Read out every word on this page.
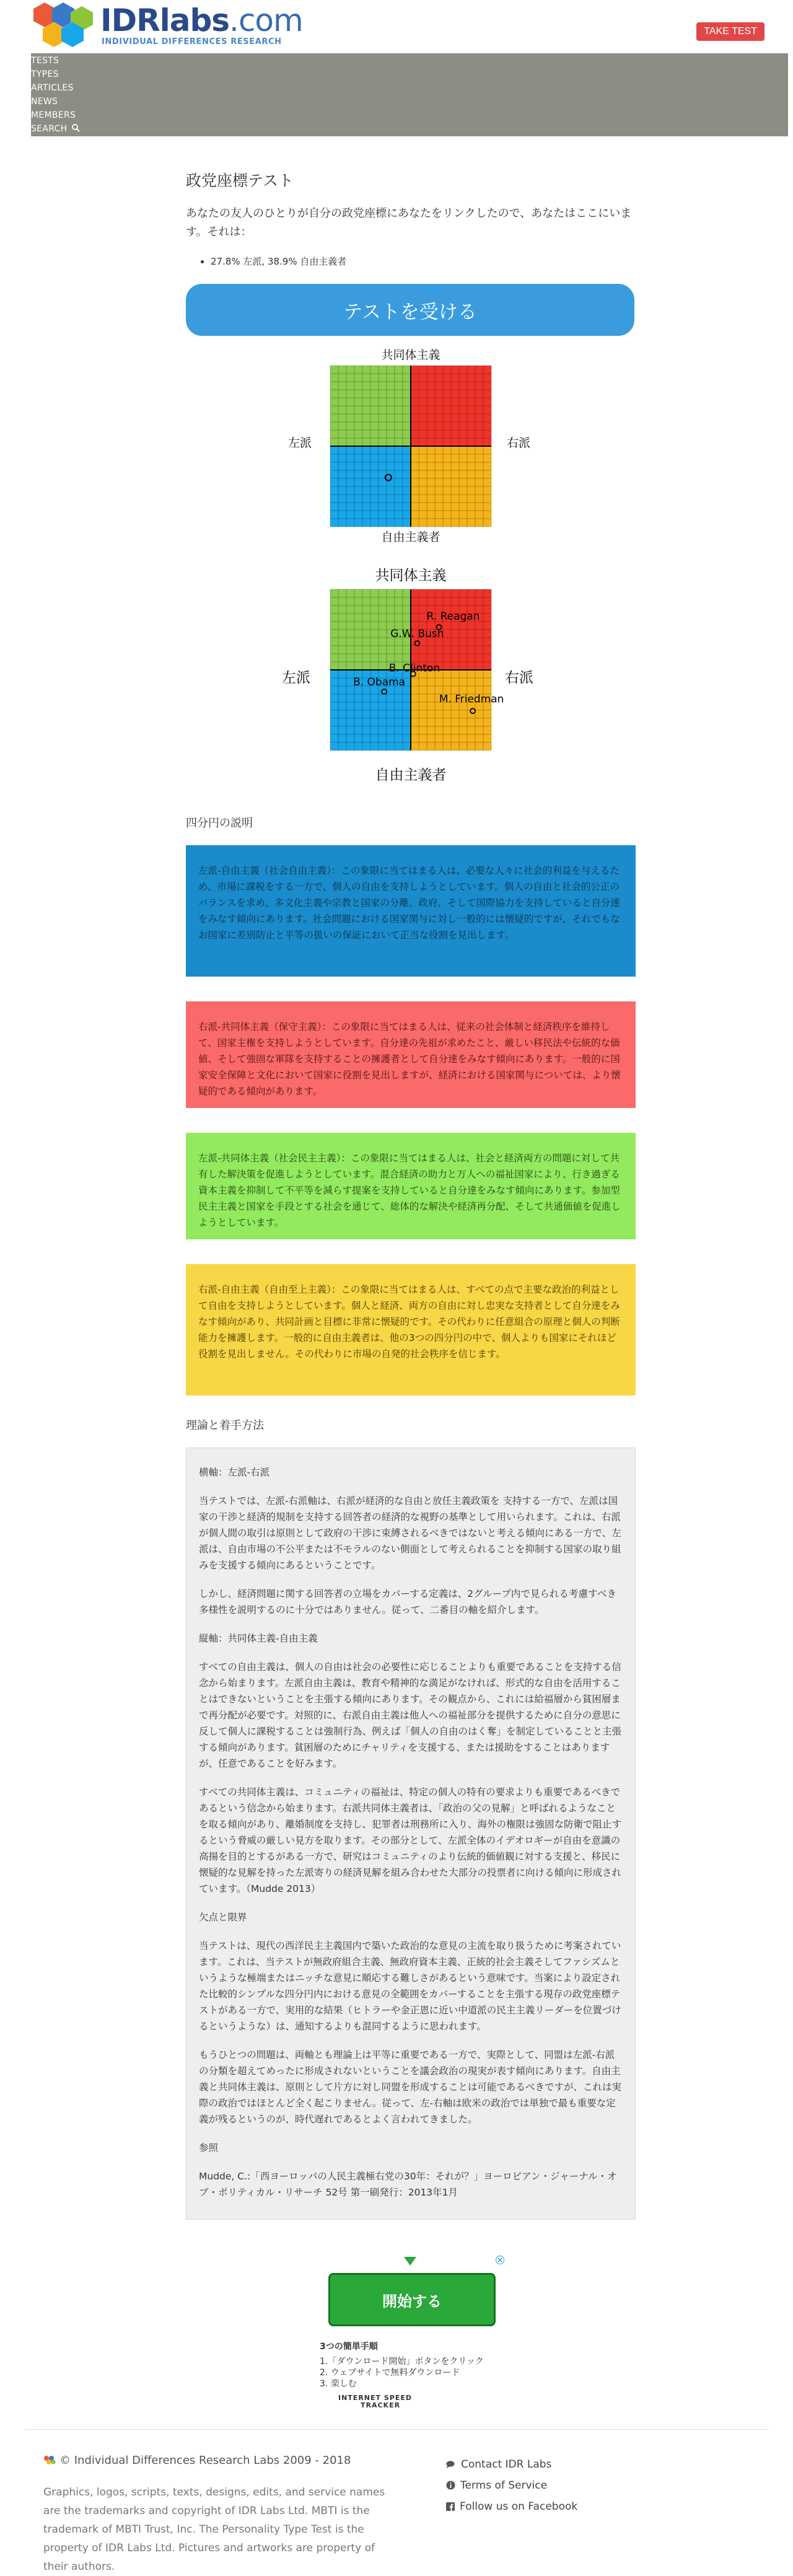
IDRlabs.com
INDIVIDUAL DIFFERENCES RESEARCH
TAKE TEST
TESTS
TYPES
ARTICLES
NEWS
MEMBERS
SEARCH
政党座標テスト

あなたの友人のひとりが自分の政党座標にあなたをリンクしたので、あなたはここにいます。それは：

• 27.8% 左派, 38.9% 自由主義者
テストを受ける
共同体主義
自由主義者
左派	右派
共同体主義
自由主義者
左派	右派
G.W. Bush
R. Reagan
B. Obama
B. Clinton
M. Friedman
四分円の説明
左派-自由主義（社会自由主義）：この象限に当てはまる人は、必要な人々に社会的利益を与えるため、市場に課税をする一方で、個人の自由を支持しようとしています。個人の自由と社会的公正のバランスを求め、多文化主義や宗教と国家の分離、政府、そして国際協力を支持していると自分達をみなす傾向にあります。社会問題における国家関与に対し一般的には懐疑的ですが、それでもなお国家に差別防止と平等の扱いの保証において正当な役割を見出します。
右派-共同体主義（保守主義）：この象限に当てはまる人は、従来の社会体制と経済秩序を維持して、国家主権を支持しようとしています。自分達の先祖が求めたこと、厳しい移民法や伝統的な価値、そして強固な軍隊を支持することの擁護者として自分達をみなす傾向にあります。一般的に国家安全保障と文化において国家に役割を見出しますが、経済における国家関与については、より懐疑的である傾向があります。
左派-共同体主義（社会民主主義）：この象限に当てはまる人は、社会と経済両方の問題に対して共有した解決策を促進しようとしています。混合経済の助力と万人への福祉国家により、行き過ぎる資本主義を抑制して不平等を減らす提案を支持していると自分達をみなす傾向にあります。参加型民主主義と国家を手段とする社会を通じて、総体的な解決や経済再分配、そして共通価値を促進しようとしています。
右派-自由主義（自由至上主義）：この象限に当てはまる人は、すべての点で主要な政治的利益として自由を支持しようとしています。個人と経済、両方の自由に対し忠実な支持者として自分達をみなす傾向があり、共同計画と目標に非常に懐疑的です。その代わりに任意組合の原理と個人の判断能力を擁護します。一般的に自由主義者は、他の3つの四分円の中で、個人よりも国家にそれほど役割を見出しません。その代わりに市場の自発的社会秩序を信じます。
理論と着手方法

横軸：左派-右派

当テストでは、左派-右派軸は、右派が経済的な自由と放任主義政策を 支持する一方で、左派は国家の干渉と経済的規制を支持する回答者の経済的な視野の基準として用いられます。これは、右派が個人間の取引は原則として政府の干渉に束縛されるべきではないと考える傾向にある一方で、左派は、自由市場の不公平または不モラルのない側面として考えられることを抑制する国家の取り組みを支援する傾向にあるということです。

しかし、経済問題に関する回答者の立場をカバーする定義は、2グループ内で見られる考慮すべき多様性を説明するのに十分ではありません。従って、二番目の軸を紹介します。

縦軸：共同体主義-自由主義

すべての自由主義は、個人の自由は社会の必要性に応じることよりも重要であることを支持する信念から始まります。左派自由主義は、教育や精神的な満足がなければ、形式的な自由を活用することはできないということを主張する傾向にあります。その観点から、これには給福層から貧困層まで再分配が必要です。対照的に、右派自由主義は他人への福祉部分を提供するために自分の意思に反して個人に課税することは強制行為、例えば「個人の自由のはく奪」を制定していることと主張する傾向があります。貧困層のためにチャリティを支援する、または援助をすることはありますが、任意であることを好みます。

すべての共同体主義は、コミュニティの福祉は、特定の個人の特有の要求よりも重要であるべきであるという信念から始まります。右派共同体主義者は、「政治の父の見解」と呼ばれるようなことを取る傾向があり、離婚制度を支持し、犯罪者は刑務所に入り、海外の権限は強固な防衛で阻止するという脅威の厳しい見方を取ります。その部分として、左派全体のイデオロギーが自由を意識の高揚を目的とするがある一方で、研究はコミュニティのより伝統的価値観に対する支援と、移民に懐疑的な見解を持った左派寄りの経済見解を組み合わせた大部分の投票者に向ける傾向に形成されています。（Mudde 2013）

欠点と限界

当テストは、現代の西洋民主主義国内で築いた政治的な意見の主流を取り扱うために考案されています。これは、当テストが無政府組合主義、無政府資本主義、正統的社会主義そしてファシズムというような極端またはニッチな意見に順応する難しさがあるという意味です。当案により設定された比較的シンプルな四分円内における意見の全範囲をカバーすることを主張する現存の政党座標テストがある一方で、実用的な結果（ヒトラーや金正恩に近い中道派の民主主義リーダーを位置づけるというような）は、通知するよりも混同するように思われます。

もうひとつの問題は、両軸とも理論上は平等に重要である一方で、実際として、同盟は左派-右派の分類を超えてめったに形成されないということを議会政治の現実が表す傾向にあります。自由主義と共同体主義は、原則として片方に対し同盟を形成することは可能であるべきですが、これは実際の政治ではほとんど全く起こりません。従って、左-右軸は欧米の政治では単独で最も重要な定義が残るというのが、時代遅れであるとよく言われてきました。

参照

Mudde, C.:「西ヨーロッパの人民主義極右党の30年：それが？」ヨーロピアン・ジャーナル・オブ・ポリティカル・リサーチ 52号 第一刷発行：2013年1月

開始する
3つの簡単手順
1.「ダウンロード開始」ボタンをクリック
2. ウェブサイトで無料ダウンロード
3. 楽しむ
INTERNET SPEED
TRACKER
© Individual Differences Research Labs 2009 - 2018
Graphics, logos, scripts, texts, designs, edits, and service names are the trademarks and copyright of IDR Labs Ltd. MBTI is the trademark of MBTI Trust, Inc. The Personality Type Test is the property of IDR Labs Ltd. Pictures and artworks are property of their authors.
Contact IDR Labs
Terms of Service
Follow us on Facebook
